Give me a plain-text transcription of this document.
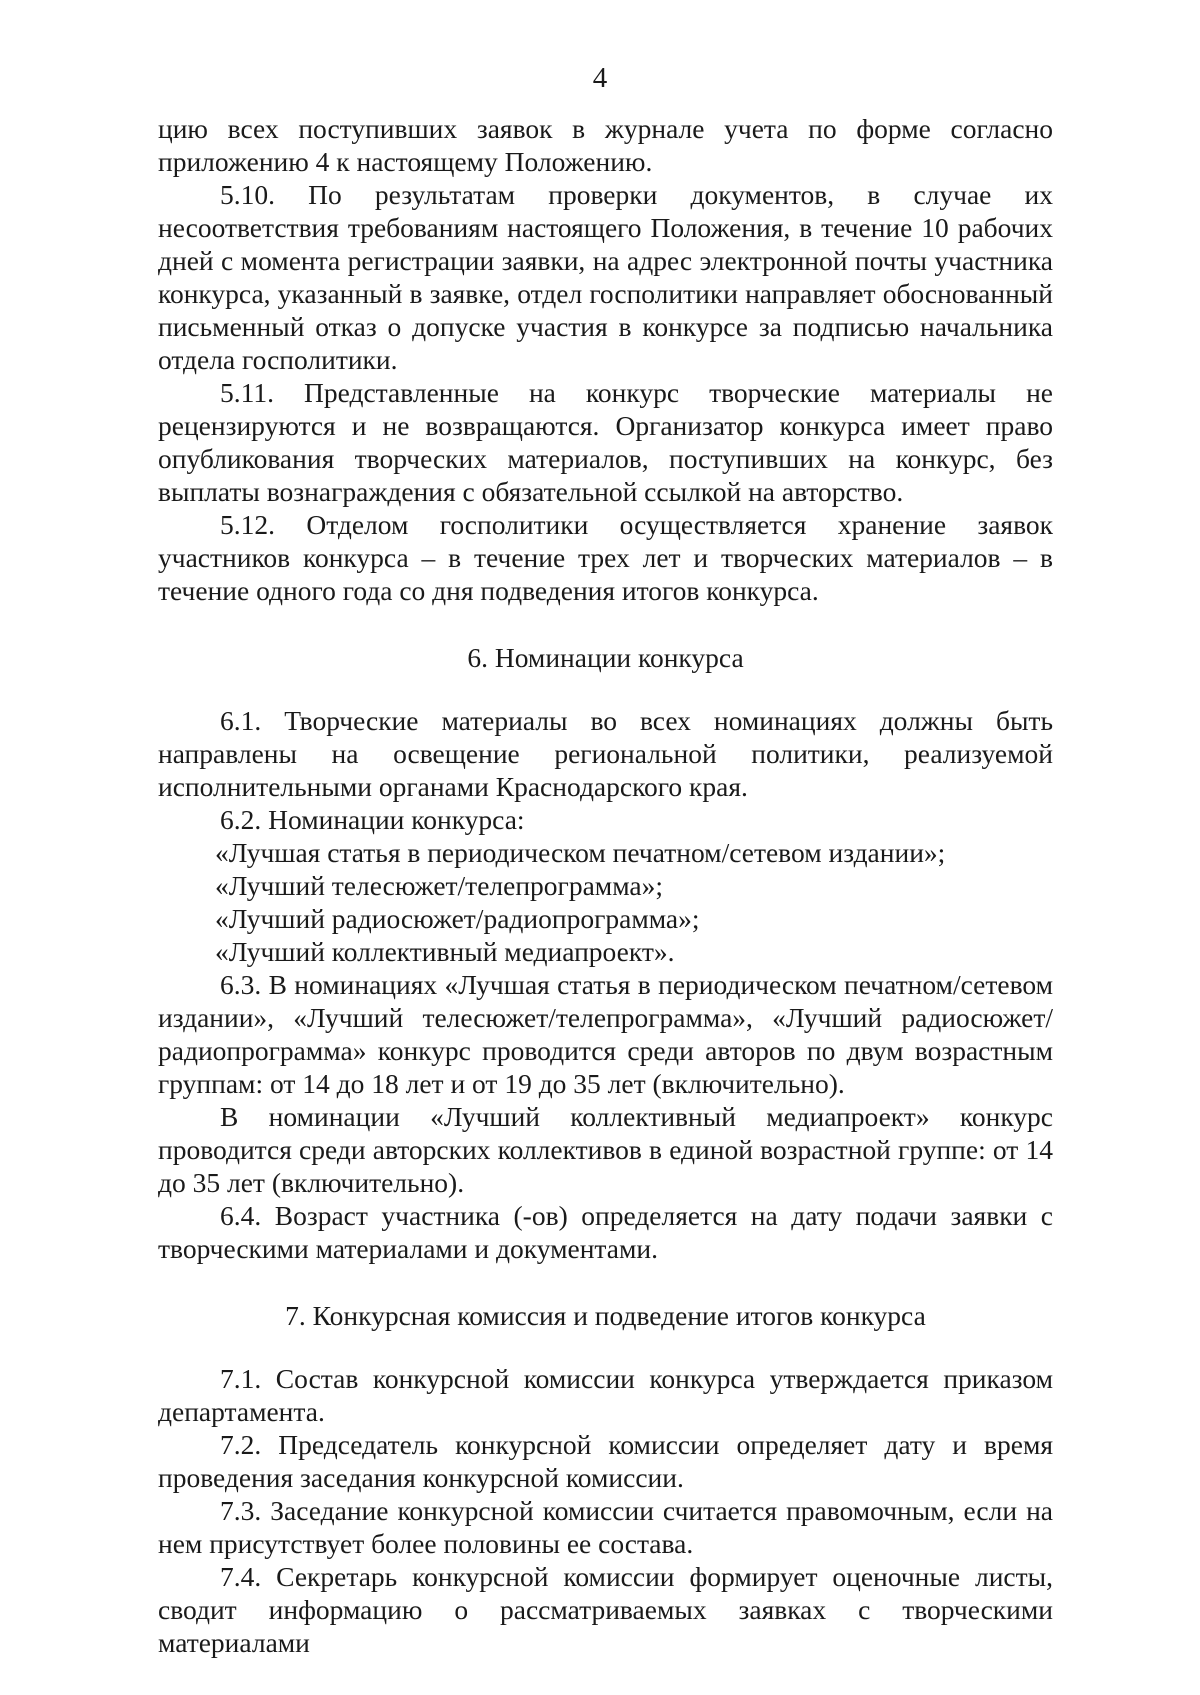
4

цию всех поступивших заявок в журнале учета по форме согласно приложению 4 к настоящему Положению.

5.10. По результатам проверки документов, в случае их несоответствия требованиям настоящего Положения, в течение 10 рабочих дней с момента регистрации заявки, на адрес электронной почты участника конкурса, указанный в заявке, отдел госполитики направляет обоснованный письменный отказ о допуске участия в конкурсе за подписью начальника отдела госполитики.

5.11. Представленные на конкурс творческие материалы не рецензируются и не возвращаются. Организатор конкурса имеет право опубликования творческих материалов, поступивших на конкурс, без выплаты вознаграждения с обязательной ссылкой на авторство.

5.12. Отделом госполитики осуществляется хранение заявок участников конкурса – в течение трех лет и творческих материалов – в течение одного года со дня подведения итогов конкурса.

6. Номинации конкурса

6.1. Творческие материалы во всех номинациях должны быть направлены на освещение региональной политики, реализуемой исполнительными органами Краснодарского края.

6.2. Номинации конкурса:

«Лучшая статья в периодическом печатном/сетевом издании»;

«Лучший телесюжет/телепрограмма»;

«Лучший радиосюжет/радиопрограмма»;

«Лучший коллективный медиапроект».

6.3. В номинациях «Лучшая статья в периодическом печатном/сетевом издании», «Лучший телесюжет/телепрограмма», «Лучший радиосюжет/радиопрограмма» конкурс проводится среди авторов по двум возрастным группам: от 14 до 18 лет и от 19 до 35 лет (включительно).

В номинации «Лучший коллективный медиапроект» конкурс проводится среди авторских коллективов в единой возрастной группе: от 14 до 35 лет (включительно).

6.4. Возраст участника (-ов) определяется на дату подачи заявки с творческими материалами и документами.

7. Конкурсная комиссия и подведение итогов конкурса

7.1. Состав конкурсной комиссии конкурса утверждается приказом департамента.

7.2. Председатель конкурсной комиссии определяет дату и время проведения заседания конкурсной комиссии.

7.3. Заседание конкурсной комиссии считается правомочным, если на нем присутствует более половины ее состава.

7.4. Секретарь конкурсной комиссии формирует оценочные листы, сводит информацию о рассматриваемых заявках с творческими материалами
